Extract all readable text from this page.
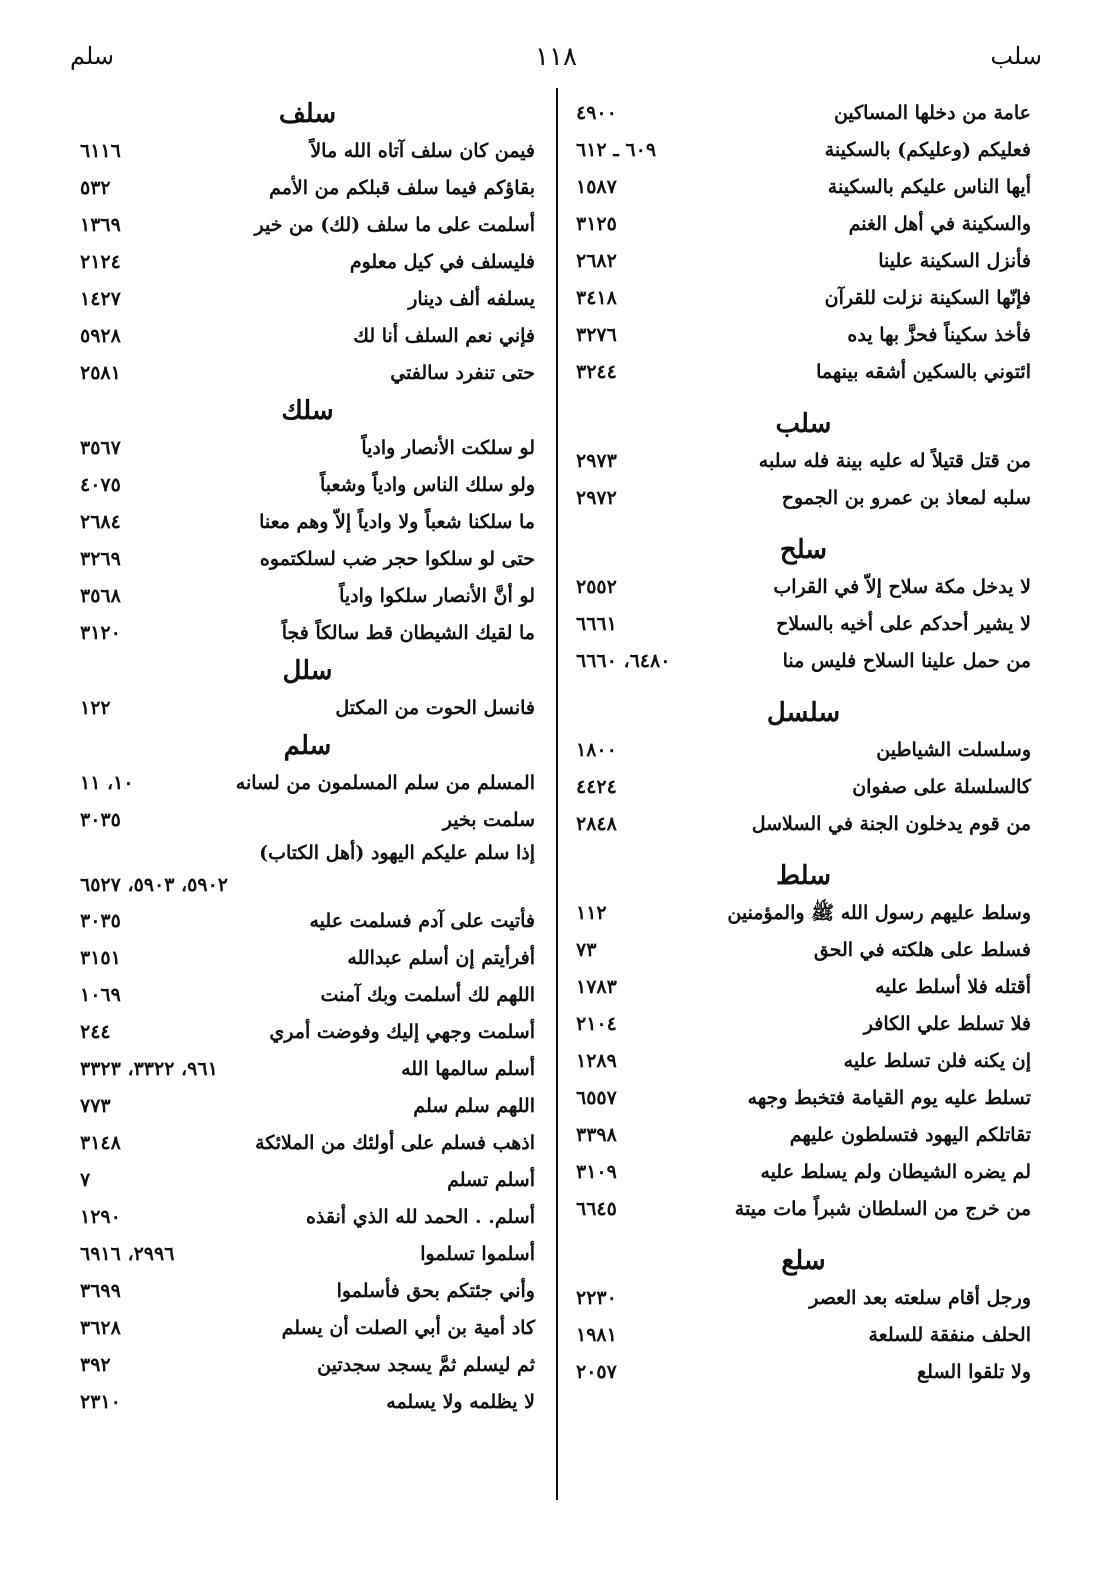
سلب
١١٨
سلم
عامة من دخلها المساكين
٤٩٠٠
فعليكم (وعليكم) بالسكينة
٦٠٩ ـ ٦١٢
أيها الناس عليكم بالسكينة
١٥٨٧
والسكينة في أهل الغنم
٣١٢٥
فأنزل السكينة علينا
٢٦٨٢
فإنّها السكينة نزلت للقرآن
٣٤١٨
فأخذ سكيناً فحزَّ بها يده
٣٢٧٦
ائتوني بالسكين أشقه بينهما
٣٢٤٤
سلب
من قتل قتيلاً له عليه بينة فله سلبه
٢٩٧٣
سلبه لمعاذ بن عمرو بن الجموح
٢٩٧٢
سلح
لا يدخل مكة سلاح إلاّ في القراب
٢٥٥٢
لا يشير أحدكم على أخيه بالسلاح
٦٦٦١
من حمل علينا السلاح فليس منا
٦٤٨٠، ٦٦٦٠
سلسل
وسلسلت الشياطين
١٨٠٠
كالسلسلة على صفوان
٤٤٢٤
من قوم يدخلون الجنة في السلاسل
٢٨٤٨
سلط
وسلط عليهم رسول الله ﷺ والمؤمنين
١١٢
فسلط على هلكته في الحق
٧٣
أقتله فلا أسلط عليه
١٧٨٣
فلا تسلط علي الكافر
٢١٠٤
إن يكنه فلن تسلط عليه
١٢٨٩
تسلط عليه يوم القيامة فتخبط وجهه
٦٥٥٧
تقاتلكم اليهود فتسلطون عليهم
٣٣٩٨
لم يضره الشيطان ولم يسلط عليه
٣١٠٩
من خرج من السلطان شبراً مات ميتة
٦٦٤٥
سلع
ورجل أقام سلعته بعد العصر
٢٢٣٠
الحلف منفقة للسلعة
١٩٨١
ولا تلقوا السلع
٢٠٥٧
سلف
فيمن كان سلف آتاه الله مالاً
٦١١٦
بقاؤكم فيما سلف قبلكم من الأمم
٥٣٢
أسلمت على ما سلف (لك) من خير
١٣٦٩
فليسلف في كيل معلوم
٢١٢٤
يسلفه ألف دينار
١٤٢٧
فإني نعم السلف أنا لك
٥٩٢٨
حتى تنفرد سالفتي
٢٥٨١
سلك
لو سلكت الأنصار وادياً
٣٥٦٧
ولو سلك الناس وادياً وشعباً
٤٠٧٥
ما سلكنا شعباً ولا وادياً إلاّ وهم معنا
٢٦٨٤
حتى لو سلكوا حجر ضب لسلكتموه
٣٢٦٩
لو أنَّ الأنصار سلكوا وادياً
٣٥٦٨
ما لقيك الشيطان قط سالكاً فجاً
٣١٢٠
سلل
فانسل الحوت من المكتل
١٢٢
سلم
المسلم من سلم المسلمون من لسانه
١٠، ١١
سلمت بخير
٣٠٣٥
إذا سلم عليكم اليهود (أهل الكتاب)
٥٩٠٢، ٥٩٠٣، ٦٥٢٧
فأتيت على آدم فسلمت عليه
٣٠٣٥
أفرأيتم إن أسلم عبدالله
٣١٥١
اللهم لك أسلمت وبك آمنت
١٠٦٩
أسلمت وجهي إليك وفوضت أمري
٢٤٤
أسلم سالمها الله
٩٦١، ٣٣٢٢، ٣٣٢٣
اللهم سلم سلم
٧٧٣
اذهب فسلم على أولئك من الملائكة
٣١٤٨
أسلم تسلم
٧
أسلم. . الحمد لله الذي أنقذه
١٢٩٠
أسلموا تسلموا
٢٩٩٦، ٦٩١٦
وأني جئتكم بحق فأسلموا
٣٦٩٩
كاد أمية بن أبي الصلت أن يسلم
٣٦٢٨
ثم ليسلم ثمَّ يسجد سجدتين
٣٩٢
لا يظلمه ولا يسلمه
٢٣١٠
